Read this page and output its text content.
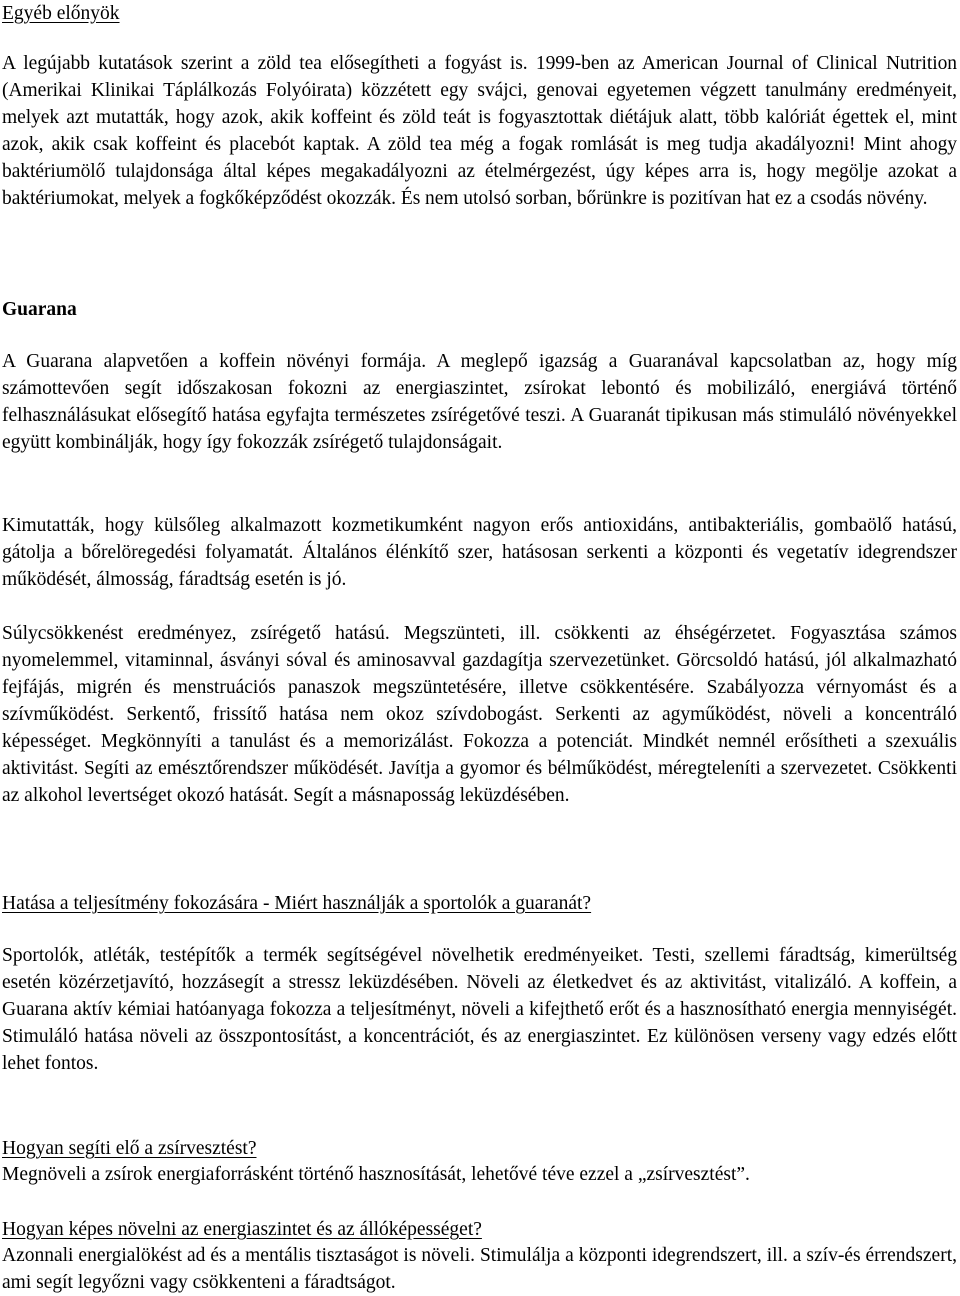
Egyéb előnyök
A legújabb kutatások szerint a zöld tea elősegítheti a fogyást is. 1999-ben az American Journal of Clinical Nutrition (Amerikai Klinikai Táplálkozás Folyóirata) közzétett egy svájci, genovai egyetemen végzett tanulmány eredményeit, melyek azt mutatták, hogy azok, akik koffeint és zöld teát is fogyasztottak diétájuk alatt, több kalóriát égettek el, mint azok, akik csak koffeint és placebót kaptak. A zöld tea még a fogak romlását is meg tudja akadályozni! Mint ahogy baktériumölő tulajdonsága által képes megakadályozni az ételmérgezést, úgy képes arra is, hogy megölje azokat a baktériumokat, melyek a fogkőképződést okozzák. És nem utolsó sorban, bőrünkre is pozitívan hat ez a csodás növény.
Guarana
A Guarana alapvetően a koffein növényi formája. A meglepő igazság a Guaranával kapcsolatban az, hogy míg számottevően segít időszakosan fokozni az energiaszintet, zsírokat lebontó és mobilizáló, energiává történő felhasználásukat elősegítő hatása egyfajta természetes zsírégetővé teszi. A Guaranát tipikusan más stimuláló növényekkel együtt kombinálják, hogy így fokozzák zsírégető tulajdonságait.
Kimutatták, hogy külsőleg alkalmazott kozmetikumként nagyon erős antioxidáns, antibakteriális, gombaölő hatású, gátolja a bőrelöregedési folyamatát. Általános élénkítő szer, hatásosan serkenti a központi és vegetatív idegrendszer működését, álmosság, fáradtság esetén is jó.
Súlycsökkenést eredményez, zsírégető hatású. Megszünteti, ill. csökkenti az éhségérzetet. Fogyasztása számos nyomelemmel, vitaminnal, ásványi sóval és aminosavval gazdagítja szervezetünket. Görcsoldó hatású, jól alkalmazható fejfájás, migrén és menstruációs panaszok megszüntetésére, illetve csökkentésére. Szabályozza vérnyomást és a szívműködést. Serkentő, frissítő hatása nem okoz szívdobogást. Serkenti az agyműködést, növeli a koncentráló képességet. Megkönnyíti a tanulást és a memorizálást. Fokozza a potenciát. Mindkét nemnél erősítheti a szexuális aktivitást. Segíti az emésztőrendszer működését. Javítja a gyomor és bélműködést, méregteleníti a szervezetet. Csökkenti az alkohol levertséget okozó hatását. Segít a másnaposság leküzdésében.
Hatása a teljesítmény fokozására - Miért használják a sportolók a guaranát?
Sportolók, atléták, testépítők a termék segítségével növelhetik eredményeiket. Testi, szellemi fáradtság, kimerültség esetén közérzetjavító, hozzásegít a stressz leküzdésében. Növeli az életkedvet és az aktivitást, vitalizáló. A koffein, a Guarana aktív kémiai hatóanyaga fokozza a teljesítményt, növeli a kifejthető erőt és a hasznosítható energia mennyiségét. Stimuláló hatása növeli az összpontosítást, a koncentrációt, és az energiaszintet. Ez különösen verseny vagy edzés előtt lehet fontos.
Hogyan segíti elő a zsírvesztést?
Megnöveli a zsírok energiaforrásként történő hasznosítását, lehetővé téve ezzel a „zsírvesztést”.
Hogyan képes növelni az energiaszintet és az állóképességet?
Azonnali energialökést ad és a mentális tisztaságot is növeli. Stimulálja a központi idegrendszert, ill. a szív-és érrendszert, ami segít legyőzni vagy csökkenteni a fáradtságot.
